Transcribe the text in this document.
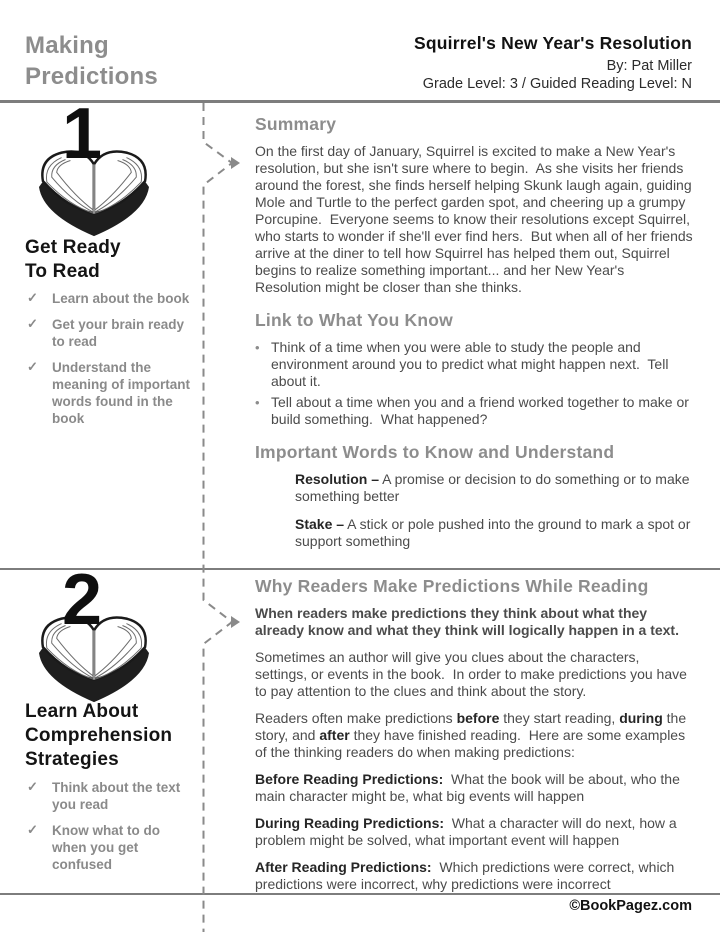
Making Predictions
Squirrel's New Year's Resolution
By: Pat Miller
Grade Level: 3 / Guided Reading Level: N
©BookPagez.com
1
Get Ready
To Read
✓	Learn about the book
✓	Get your brain ready to read
✓	Understand the meaning of important words found in the book
Summary

On the first day of January, Squirrel is excited to make a New Year's resolution, but she isn't sure where to begin.  As she visits her friends around the forest, she finds herself helping Skunk laugh again, guiding Mole and Turtle to the perfect garden spot, and cheering up a grumpy Porcupine.  Everyone seems to know their resolutions except Squirrel, who starts to wonder if she'll ever find hers.  But when all of her friends arrive at the diner to tell how Squirrel has helped them out, Squirrel begins to realize something important... and her New Year's Resolution might be closer than she thinks.

Link to What You Know
• Think of a time when you were able to study the people and environment around you to predict what might happen next.  Tell about it.
• Tell about a time when you and a friend worked together to make or build something.  What happened?
Important Words to Know and Understand

Resolution – A promise or decision to do something or to make something better

Stake – A stick or pole pushed into the ground to mark a spot or support something

2
Learn About
Comprehension
Strategies
✓	Think about the text you read
✓	Know what to do when you get confused
Why Readers Make Predictions While Reading

When readers make predictions they think about what they already know and what they think will logically happen in a text.

Sometimes an author will give you clues about the characters, settings, or events in the book.  In order to make predictions you have to pay attention to the clues and think about the story.

Readers often make predictions before they start reading, during the story, and after they have finished reading.  Here are some examples of the thinking readers do when making predictions:

Before Reading Predictions:  What the book will be about, who the main character might be, what big events will happen

During Reading Predictions:  What a character will do next, how a problem might be solved, what important event will happen

After Reading Predictions:  Which predictions were correct, which predictions were incorrect, why predictions were incorrect
